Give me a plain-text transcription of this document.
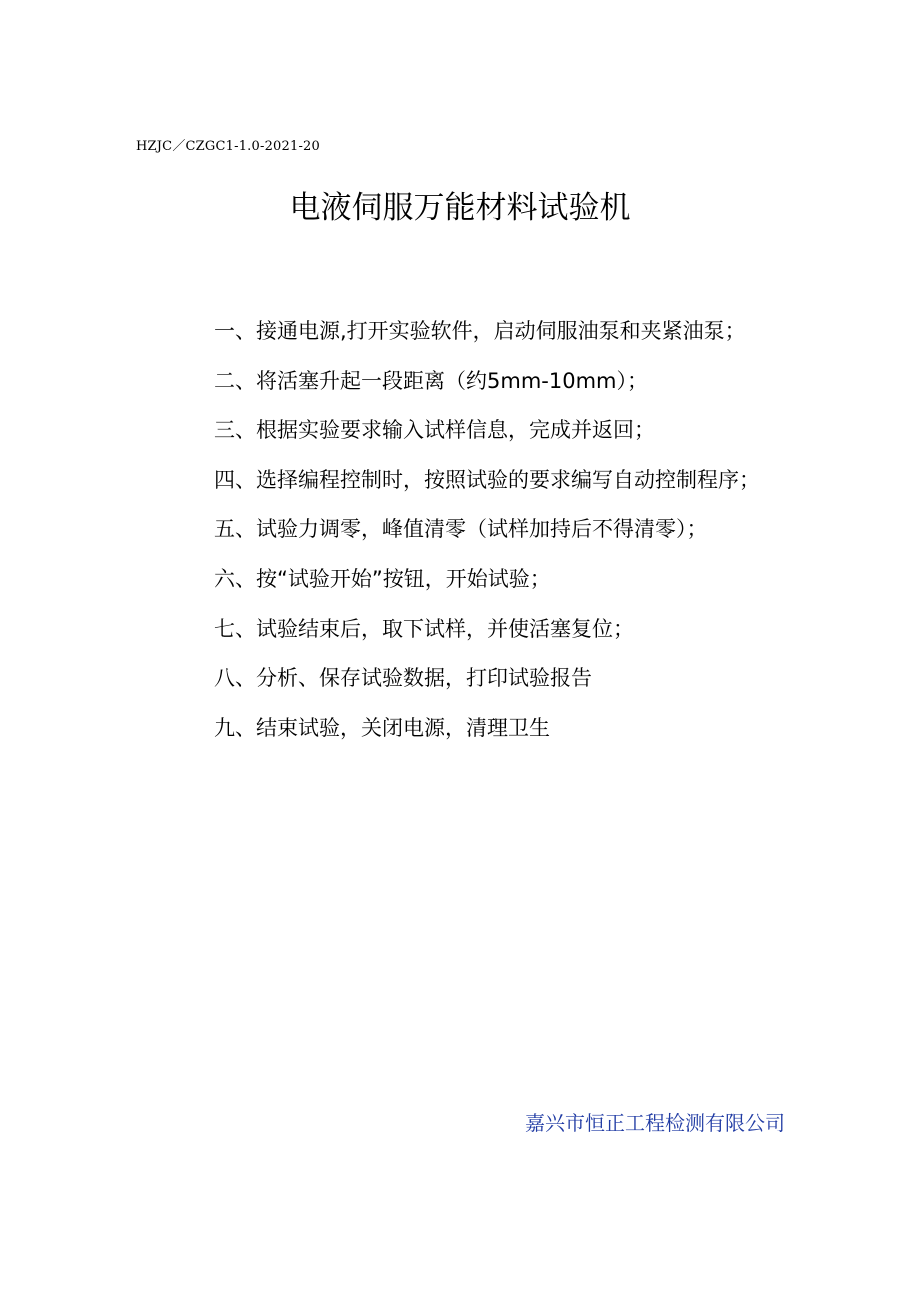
HZJC／CZGC1-1.0-2021-20
电液伺服万能材料试验机
一、接通电源,打开实验软件，启动伺服油泵和夹紧油泵；
二、将活塞升起一段距离（约5mm-10mm）；
三、根据实验要求输入试样信息，完成并返回；
四、选择编程控制时，按照试验的要求编写自动控制程序；
五、试验力调零，峰值清零（试样加持后不得清零）；
六、按“试验开始”按钮，开始试验；
七、试验结束后，取下试样，并使活塞复位；
八、分析、保存试验数据，打印试验报告
九、结束试验，关闭电源，清理卫生
嘉兴市恒正工程检测有限公司
